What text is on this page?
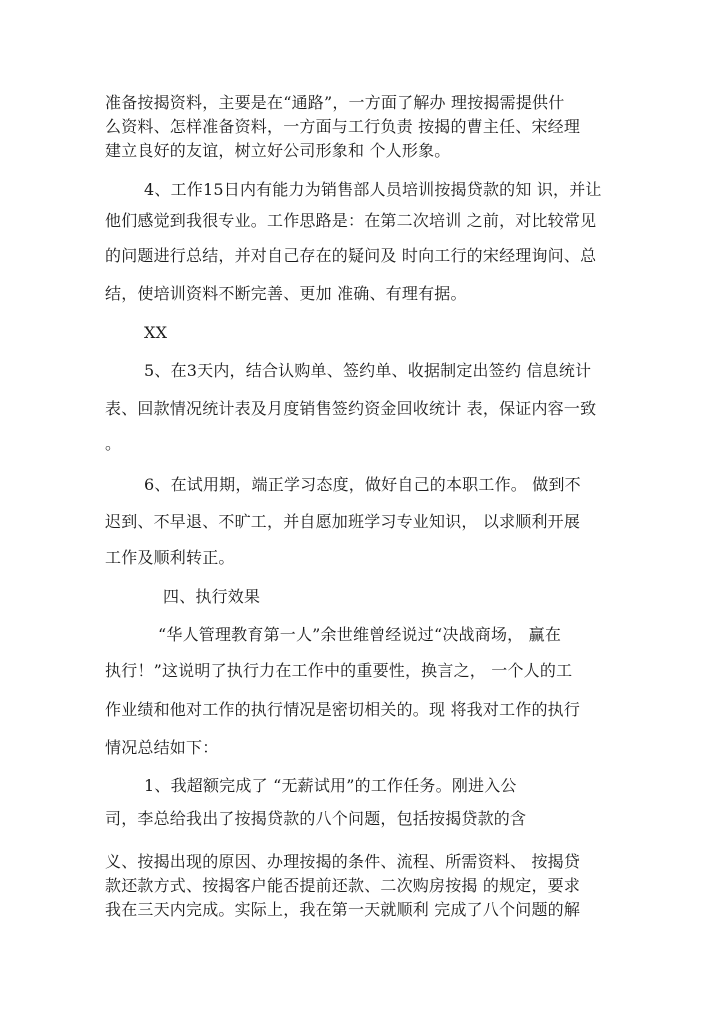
准备按揭资料，主要是在“通路”，一方面了解办 理按揭需提供什
么资料、怎样准备资料，一方面与工行负责 按揭的曹主任、宋经理
建立良好的友谊，树立好公司形象和 个人形象。
4、工作15日内有能力为销售部人员培训按揭贷款的知 识，并让
他们感觉到我很专业。工作思路是：在第二次培训 之前，对比较常见
的问题进行总结，并对自己存在的疑问及 时向工行的宋经理询问、总
结，使培训资料不断完善、更加 准确、有理有据。
XX
5、在3天内，结合认购单、签约单、收据制定出签约 信息统计
表、回款情况统计表及月度销售签约资金回收统计 表，保证内容一致
。
6、在试用期，端正学习态度，做好自己的本职工作。 做到不
迟到、不早退、不旷工，并自愿加班学习专业知识， 以求顺利开展
工作及顺利转正。
四、执行效果
“华人管理教育第一人”余世维曾经说过“决战商场， 赢在
执行！”这说明了执行力在工作中的重要性，换言之， 一个人的工
作业绩和他对工作的执行情况是密切相关的。现 将我对工作的执行
情况总结如下：
1、我超额完成了 “无薪试用”的工作任务。刚进入公
司，李总给我出了按揭贷款的八个问题，包括按揭贷款的含
义、按揭出现的原因、办理按揭的条件、流程、所需资料、 按揭贷
款还款方式、按揭客户能否提前还款、二次购房按揭 的规定，要求
我在三天内完成。实际上，我在第一天就顺利 完成了八个问题的解
